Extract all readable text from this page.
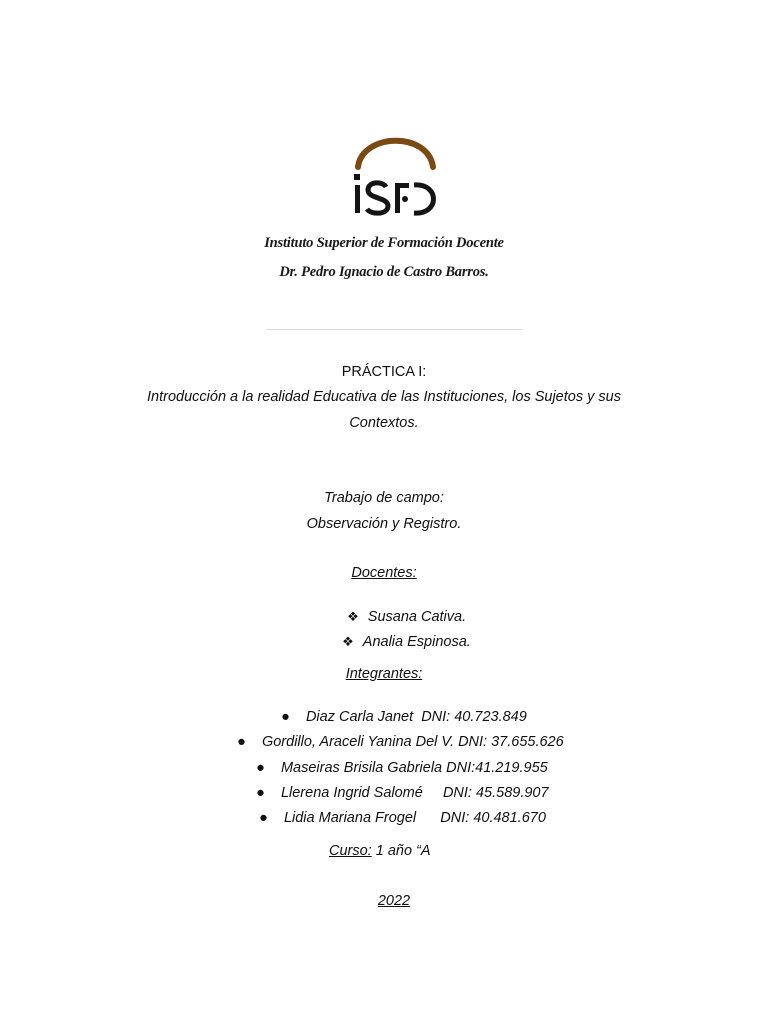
Instituto Superior de Formación Docente
Dr. Pedro Ignacio de Castro Barros.
PRÁCTICA I:
Introducción a la realidad Educativa de las Instituciones, los Sujetos y sus
Contextos.
Trabajo de campo:
Observación y Registro.
Docentes:

❖ Susana Cativa.

❖ Analia Espinosa.

Integrantes:

● Diaz Carla Janet  DNI: 40.723.849

● Gordillo, Araceli Yanina Del V. DNI: 37.655.626

● Maseiras Brisila Gabriela DNI:41.219.955

● Llerena Ingrid Salomé     DNI: 45.589.907

● Lidia Mariana Frogel      DNI: 40.481.670

Curso: 1 año “A
2022
